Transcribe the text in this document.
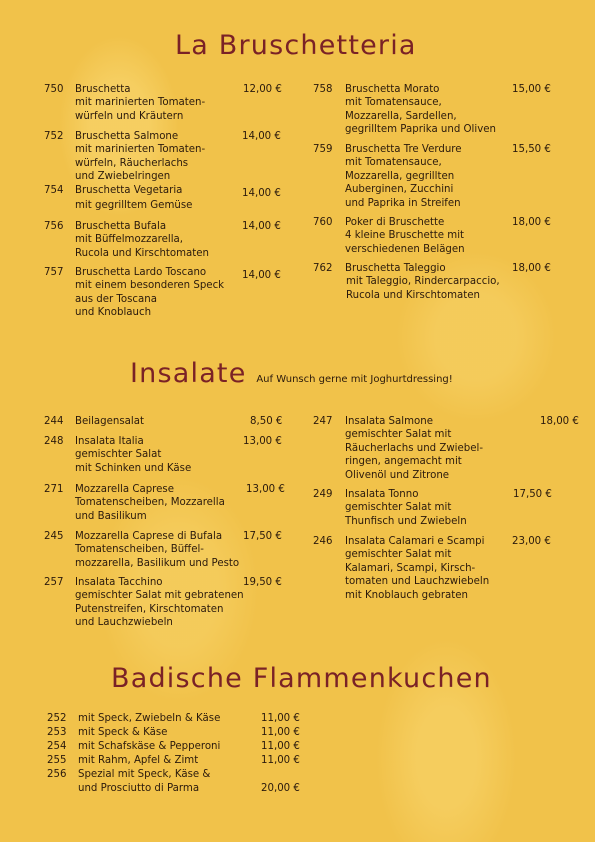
La Bruschetteria
Insalate Auf Wunsch gerne mit Joghurtdressing!
Badische Flammenkuchen
750 Bruschetta	12,00 €
mit marinierten Tomaten-
würfeln und Kräutern
752 Bruschetta Salmone	14,00 €
mit marinierten Tomaten-
würfeln, Räucherlachs
und Zwiebelringen
754 Bruschetta Vegetaria	14,00 €
mit gegrilltem Gemüse
756 Bruschetta Bufala	14,00 €
mit Büffelmozzarella,
Rucola und Kirschtomaten
757 Bruschetta Lardo Toscano	14,00 €
mit einem besonderen Speck
aus der Toscana
und Knoblauch
758 Bruschetta Morato	15,00 €
mit Tomatensauce,
Mozzarella, Sardellen,
gegrilltem Paprika und Oliven
759 Bruschetta Tre Verdure	15,50 €
mit Tomatensauce,
Mozzarella, gegrillten
Auberginen, Zucchini
und Paprika in Streifen
760 Poker di Bruschette	18,00 €
4 kleine Bruschette mit
verschiedenen Belägen
762 Bruschetta Taleggio	18,00 €
mit Taleggio, Rindercarpaccio,
Rucola und Kirschtomaten
244 Beilagensalat	8,50 €
248 Insalata Italia	13,00 €
gemischter Salat
mit Schinken und Käse
271 Mozzarella Caprese	13,00 €
Tomatenscheiben, Mozzarella
und Basilikum
245 Mozzarella Caprese di Bufala 17,50 €
Tomatenscheiben, Büffel-
mozzarella, Basilikum und Pesto
257 Insalata Tacchino	19,50 €
gemischter Salat mit gebratenen
Putenstreifen, Kirschtomaten
und Lauchzwiebeln
247 Insalata Salmone	18,00 €
gemischter Salat mit
Räucherlachs und Zwiebel-
ringen, angemacht mit
Olivenöl und Zitrone
249 Insalata Tonno	17,50 €
gemischter Salat mit
Thunfisch und Zwiebeln
246 Insalata Calamari e Scampi	23,00 €
gemischter Salat mit
Kalamari, Scampi, Kirsch-
tomaten und Lauchzwiebeln
mit Knoblauch gebraten
252 mit Speck, Zwiebeln & Käse	11,00 €
253 mit Speck & Käse	11,00 €
254 mit Schafskäse & Pepperoni	11,00 €
255 mit Rahm, Apfel & Zimt	11,00 €
256 Spezial mit Speck, Käse &
und Prosciutto di Parma	20,00 €
